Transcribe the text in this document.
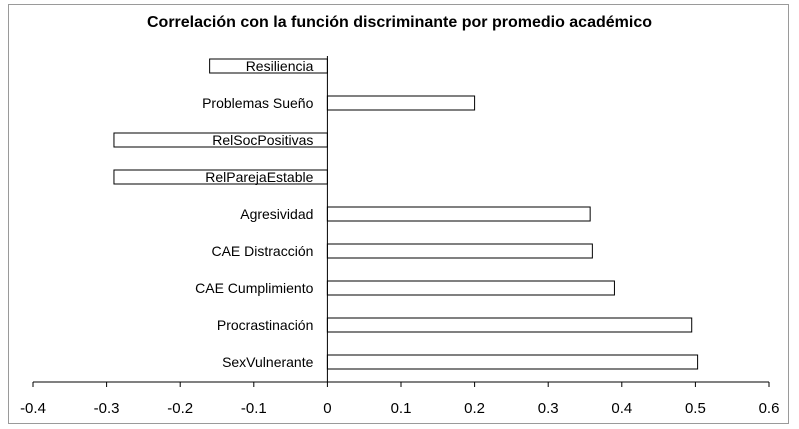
Correlación con la función discriminante por promedio académico
-0.4	-0.3	-0.2	-0.1	0	0.1	0.2	0.3	0.4	0.5	0.6
Resiliencia
Problemas Sueño
RelSocPositivas
RelParejaEstable
Agresividad
CAE Distracción
CAE Cumplimiento
Procrastinación
SexVulnerante
